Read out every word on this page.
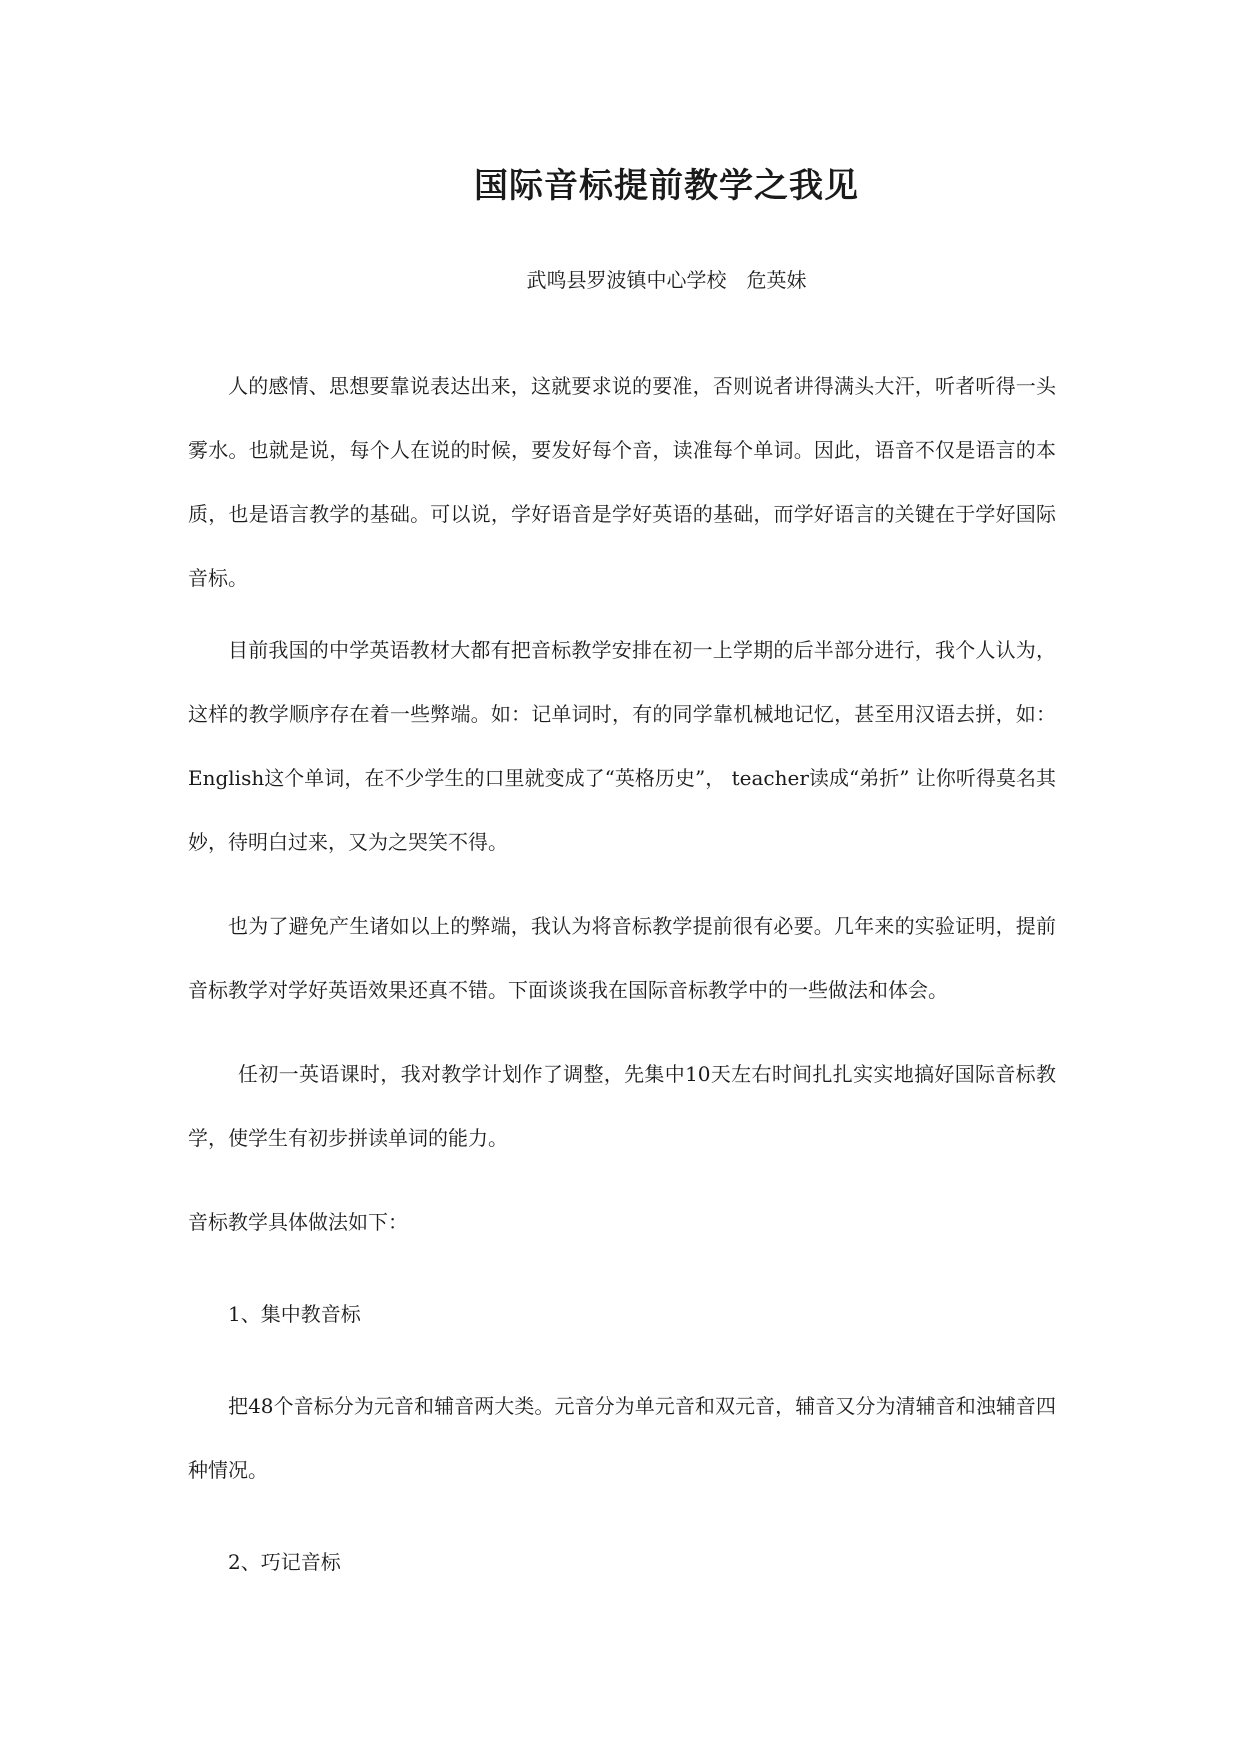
国际音标提前教学之我见
武鸣县罗波镇中心学校　危英妹

人的感情、思想要靠说表达出来，这就要求说的要准，否则说者讲得满头大汗，听者听得一头雾水。也就是说，每个人在说的时候，要发好每个音，读准每个单词。因此，语音不仅是语言的本质，也是语言教学的基础。可以说，学好语音是学好英语的基础，而学好语言的关键在于学好国际音标。

目前我国的中学英语教材大都有把音标教学安排在初一上学期的后半部分进行，我个人认为，这样的教学顺序存在着一些弊端。如：记单词时，有的同学靠机械地记忆，甚至用汉语去拼，如：English这个单词，在不少学生的口里就变成了“英格历史”， teacher读成“弟折” 让你听得莫名其妙，待明白过来，又为之哭笑不得。

也为了避免产生诸如以上的弊端，我认为将音标教学提前很有必要。几年来的实验证明，提前音标教学对学好英语效果还真不错。下面谈谈我在国际音标教学中的一些做法和体会。

任初一英语课时，我对教学计划作了调整，先集中10天左右时间扎扎实实地搞好国际音标教学，使学生有初步拼读单词的能力。

音标教学具体做法如下：

1、集中教音标

把48个音标分为元音和辅音两大类。元音分为单元音和双元音，辅音又分为清辅音和浊辅音四种情况。

2、巧记音标
